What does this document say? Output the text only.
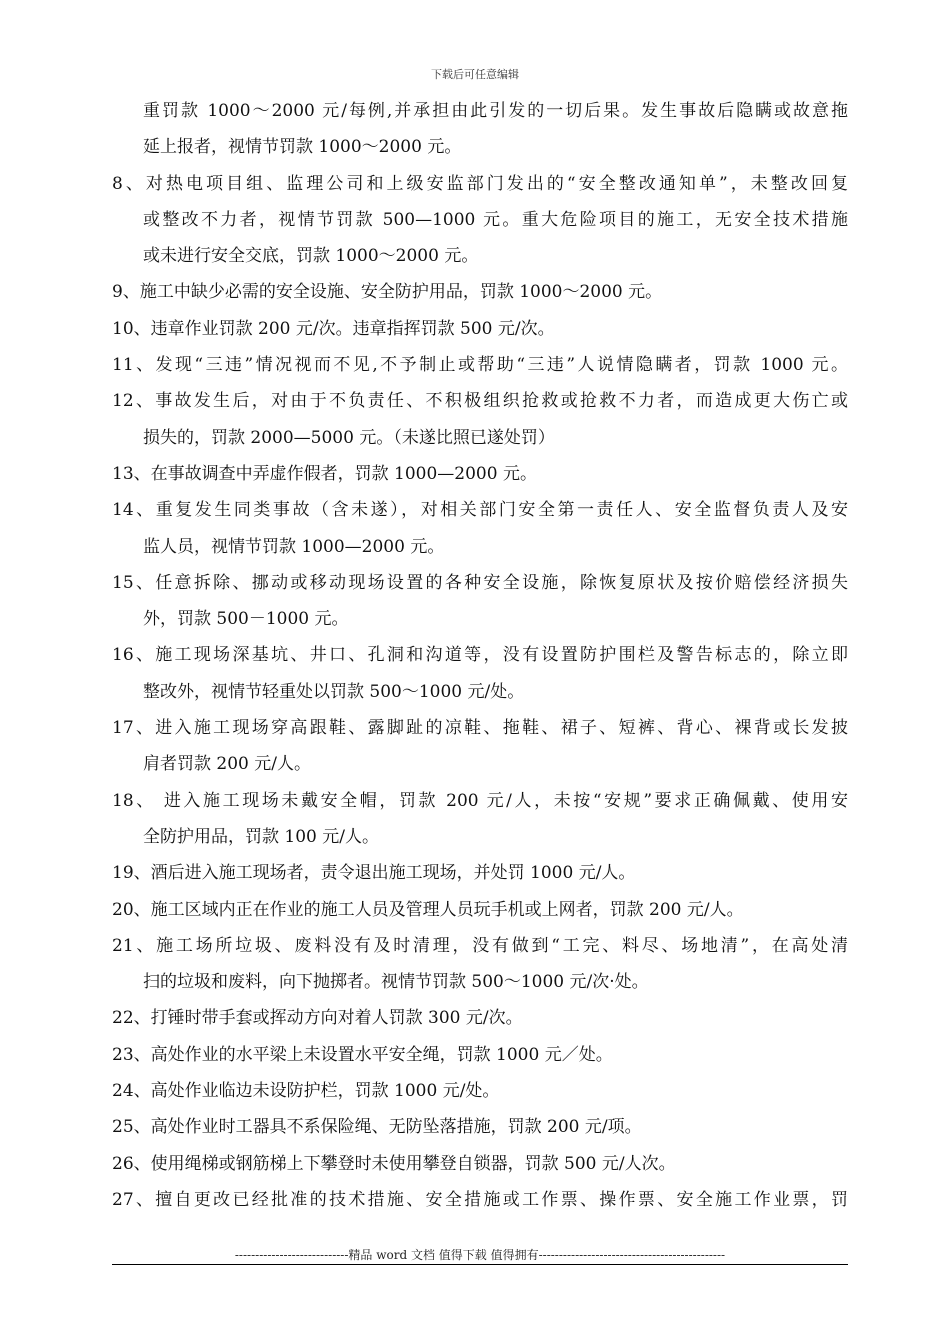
下载后可任意编辑
重罚款 1000～2000 元/每例,并承担由此引发的一切后果。发生事故后隐瞒或故意拖
延上报者，视情节罚款 1000～2000 元。
8、对热电项目组、监理公司和上级安监部门发出的“安全整改通知单”，未整改回复
或整改不力者，视情节罚款 500—1000 元。重大危险项目的施工，无安全技术措施
或未进行安全交底，罚款 1000～2000 元。
9、施工中缺少必需的安全设施、安全防护用品，罚款 1000～2000 元。
10、违章作业罚款 200 元/次。违章指挥罚款 500 元/次。
11、发现“三违”情况视而不见,不予制止或帮助“三违”人说情隐瞒者，罚款 1000 元。
12、事故发生后，对由于不负责任、不积极组织抢救或抢救不力者，而造成更大伤亡或
损失的，罚款 2000—5000 元。（未遂比照已遂处罚）
13、在事故调查中弄虚作假者，罚款 1000—2000 元。
14、重复发生同类事故（含未遂），对相关部门安全第一责任人、安全监督负责人及安
监人员，视情节罚款 1000—2000 元。
15、任意拆除、挪动或移动现场设置的各种安全设施，除恢复原状及按价赔偿经济损失
外，罚款 500－1000 元。
16、施工现场深基坑、井口、孔洞和沟道等，没有设置防护围栏及警告标志的，除立即
整改外，视情节轻重处以罚款 500～1000 元/处。
17、进入施工现场穿高跟鞋、露脚趾的凉鞋、拖鞋、裙子、短裤、背心、裸背或长发披
肩者罚款 200 元/人。
18、 进入施工现场未戴安全帽，罚款 200 元/人，未按“安规”要求正确佩戴、使用安
全防护用品，罚款 100 元/人。
19、酒后进入施工现场者，责令退出施工现场，并处罚 1000 元/人。
20、施工区域内正在作业的施工人员及管理人员玩手机或上网者，罚款 200 元/人。
21、施工场所垃圾、废料没有及时清理，没有做到“工完、料尽、场地清”，在高处清
扫的垃圾和废料，向下抛掷者。视情节罚款 500～1000 元/次·处。
22、打锤时带手套或挥动方向对着人罚款 300 元/次。
23、高处作业的水平梁上未设置水平安全绳，罚款 1000 元／处。
24、高处作业临边未设防护栏，罚款 1000 元/处。
25、高处作业时工器具不系保险绳、无防坠落措施，罚款 200 元/项。
26、使用绳梯或钢筋梯上下攀登时未使用攀登自锁器，罚款 500 元/人次。
27、擅自更改已经批准的技术措施、安全措施或工作票、操作票、安全施工作业票，罚
----------------------------精品 word 文档 值得下载 值得拥有----------------------------------------------
